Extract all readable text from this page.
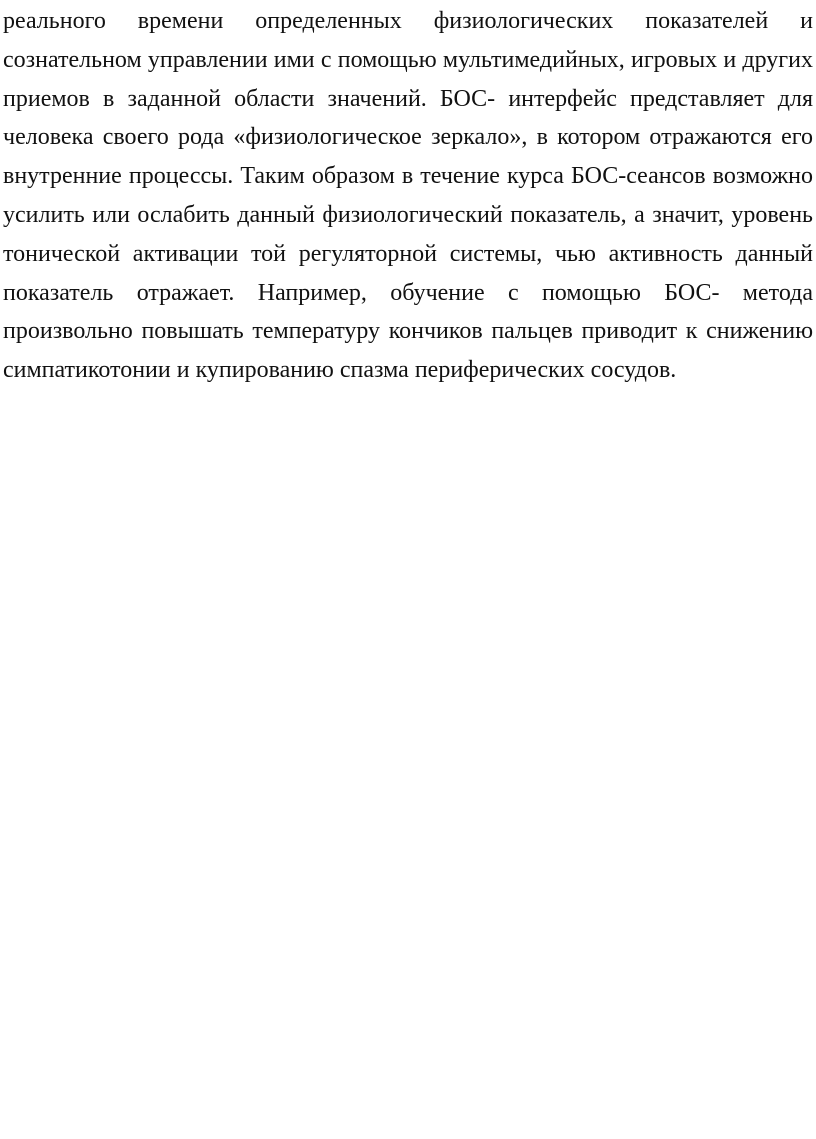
реального времени определенных физиологических показателей и
сознательном управлении ими с помощью мультимедийных, игровых и других
приемов в заданной области значений. БОС- интерфейс представляет для
человека своего рода «физиологическое зеркало», в котором отражаются его
внутренние процессы. Таким образом в течение курса БОС-сеансов возможно
усилить или ослабить данный физиологический показатель, а значит, уровень
тонической активации той регуляторной системы, чью активность данный
показатель отражает. Например, обучение с помощью БОС- метода
произвольно повышать температуру кончиков пальцев приводит к снижению
симпатикотонии и купированию спазма периферических сосудов.
